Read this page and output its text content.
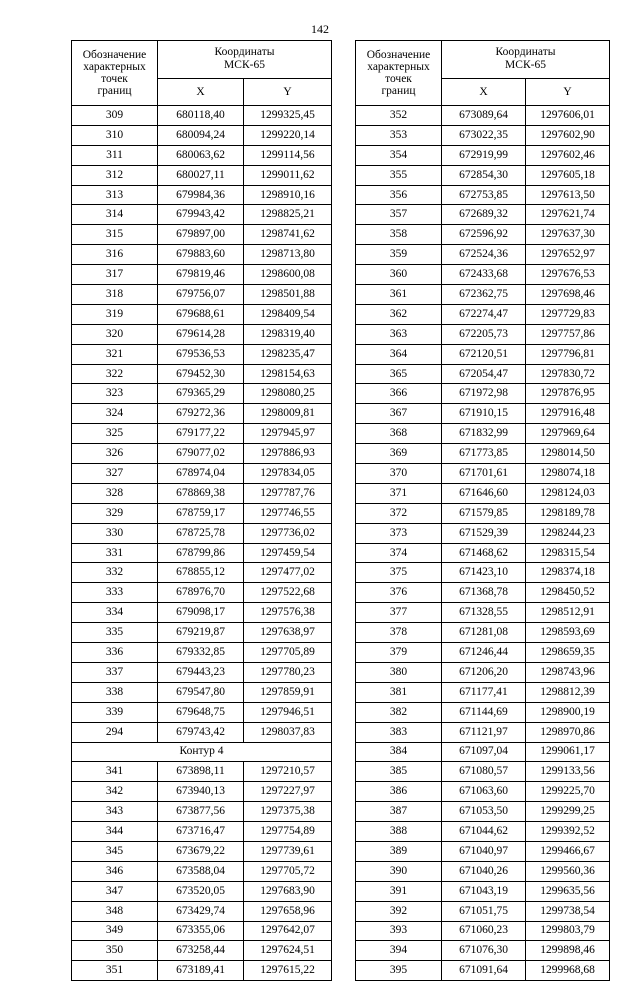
142
Обозначение
характерных
точек
границ	Координаты
МСК-65	
	X	Y
309	680118,40	1299325,45
310	680094,24	1299220,14
311	680063,62	1299114,56
312	680027,11	1299011,62
313	679984,36	1298910,16
314	679943,42	1298825,21
315	679897,00	1298741,62
316	679883,60	1298713,80
317	679819,46	1298600,08
318	679756,07	1298501,88
319	679688,61	1298409,54
320	679614,28	1298319,40
321	679536,53	1298235,47
322	679452,30	1298154,63
323	679365,29	1298080,25
324	679272,36	1298009,81
325	679177,22	1297945,97
326	679077,02	1297886,93
327	678974,04	1297834,05
328	678869,38	1297787,76
329	678759,17	1297746,55
330	678725,78	1297736,02
331	678799,86	1297459,54
332	678855,12	1297477,02
333	678976,70	1297522,68
334	679098,17	1297576,38
335	679219,87	1297638,97
336	679332,85	1297705,89
337	679443,23	1297780,23
338	679547,80	1297859,91
339	679648,75	1297946,51
294	679743,42	1298037,83
Контур 4		
341	673898,11	1297210,57
342	673940,13	1297227,97
343	673877,56	1297375,38
344	673716,47	1297754,89
345	673679,22	1297739,61
346	673588,04	1297705,72
347	673520,05	1297683,90
348	673429,74	1297658,96
349	673355,06	1297642,07
350	673258,44	1297624,51
351	673189,41	1297615,22
Обозначение
характерных
точек
границ	Координаты
МСК-65	
	X	Y
352	673089,64	1297606,01
353	673022,35	1297602,90
354	672919,99	1297602,46
355	672854,30	1297605,18
356	672753,85	1297613,50
357	672689,32	1297621,74
358	672596,92	1297637,30
359	672524,36	1297652,97
360	672433,68	1297676,53
361	672362,75	1297698,46
362	672274,47	1297729,83
363	672205,73	1297757,86
364	672120,51	1297796,81
365	672054,47	1297830,72
366	671972,98	1297876,95
367	671910,15	1297916,48
368	671832,99	1297969,64
369	671773,85	1298014,50
370	671701,61	1298074,18
371	671646,60	1298124,03
372	671579,85	1298189,78
373	671529,39	1298244,23
374	671468,62	1298315,54
375	671423,10	1298374,18
376	671368,78	1298450,52
377	671328,55	1298512,91
378	671281,08	1298593,69
379	671246,44	1298659,35
380	671206,20	1298743,96
381	671177,41	1298812,39
382	671144,69	1298900,19
383	671121,97	1298970,86
384	671097,04	1299061,17
385	671080,57	1299133,56
386	671063,60	1299225,70
387	671053,50	1299299,25
388	671044,62	1299392,52
389	671040,97	1299466,67
390	671040,26	1299560,36
391	671043,19	1299635,56
392	671051,75	1299738,54
393	671060,23	1299803,79
394	671076,30	1299898,46
395	671091,64	1299968,68
